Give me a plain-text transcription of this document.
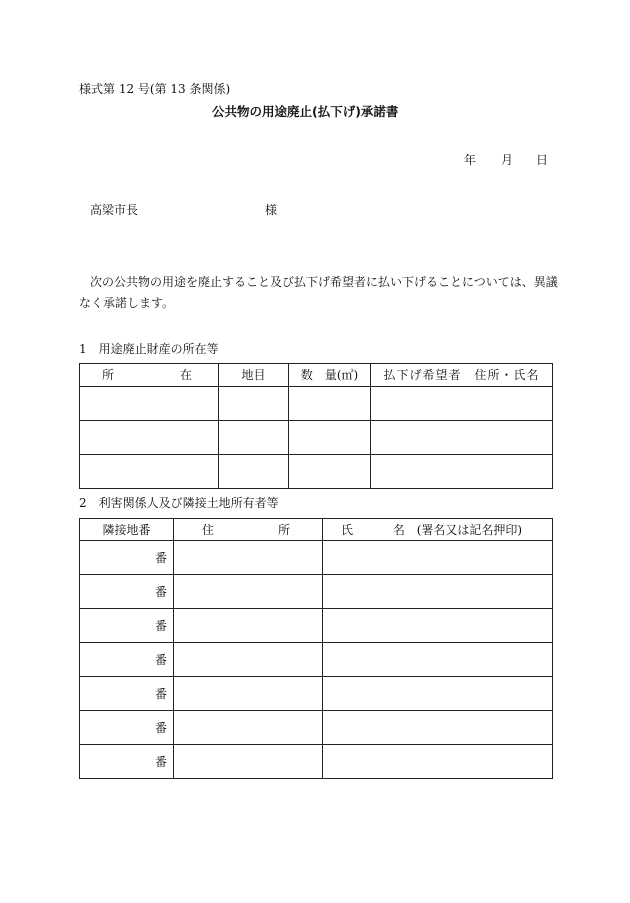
様式第 12 号(第 13 条関係)
公共物の用途廃止(払下げ)承諾書
年 月 日
高梁市長	様
次の公共物の用途を廃止すること及び払下げ希望者に払い下げることについては、異議
なく承諾します。
1　用途廃止財産の所在等
所 在	地目	数　量(㎡)	払下げ希望者　住所・氏名

2　利害関係人及び隣接土地所有者等
隣接地番	住 所	氏 名 (署名又は記名押印)
番		
番		
番		
番		
番		
番		
番		
